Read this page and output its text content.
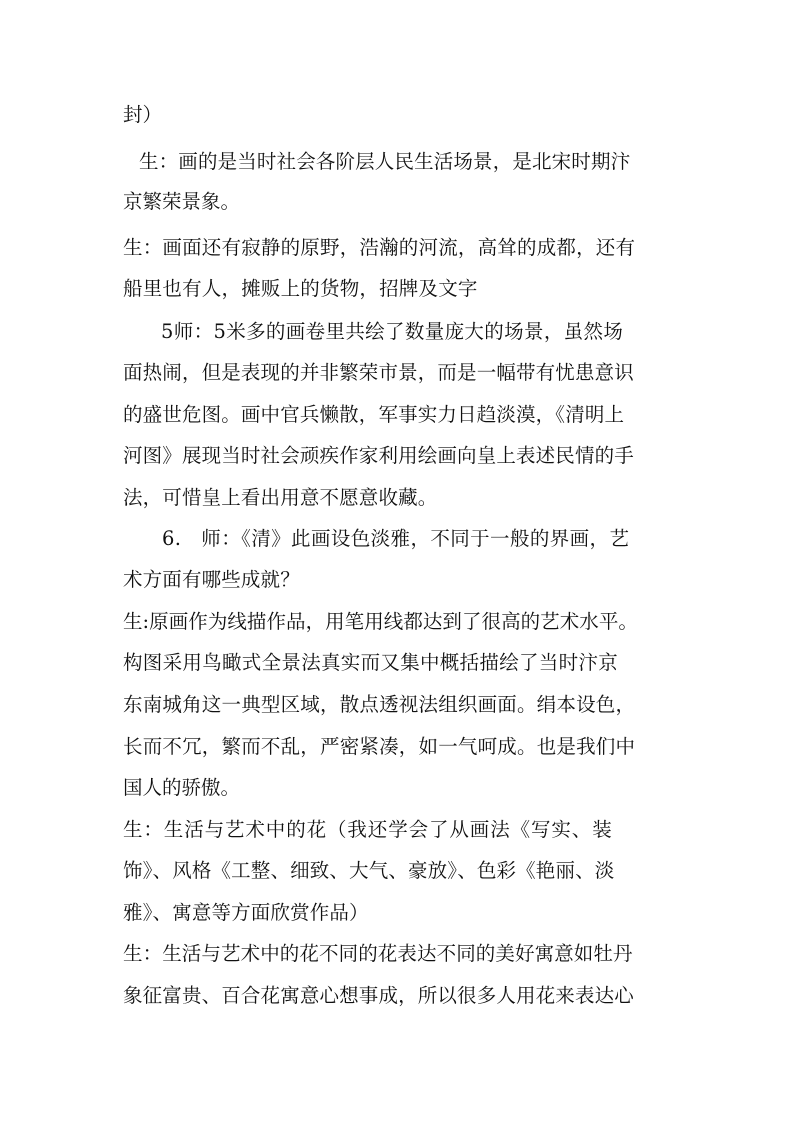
封）
生：画的是当时社会各阶层人民生活场景，是北宋时期汴
京繁荣景象。
生：画面还有寂静的原野，浩瀚的河流，高耸的成都，还有
船里也有人，摊贩上的货物，招牌及文字
5师：5米多的画卷里共绘了数量庞大的场景，虽然场
面热闹，但是表现的并非繁荣市景，而是一幅带有忧患意识
的盛世危图。画中官兵懒散，军事实力日趋淡漠，《清明上
河图》展现当时社会顽疾作家利用绘画向皇上表述民情的手
法，可惜皇上看出用意不愿意收藏。
6.　师：《清》此画设色淡雅，不同于一般的界画，艺
术方面有哪些成就？
生:原画作为线描作品，用笔用线都达到了很高的艺术水平。
构图采用鸟瞰式全景法真实而又集中概括描绘了当时汴京
东南城角这一典型区域，散点透视法组织画面。绢本设色，
长而不冗，繁而不乱，严密紧凑，如一气呵成。也是我们中
国人的骄傲。
生：生活与艺术中的花（我还学会了从画法《写实、装
饰》、风格《工整、细致、大气、豪放》、色彩《艳丽、淡
雅》、寓意等方面欣赏作品）
生：生活与艺术中的花不同的花表达不同的美好寓意如牡丹
象征富贵、百合花寓意心想事成，所以很多人用花来表达心
